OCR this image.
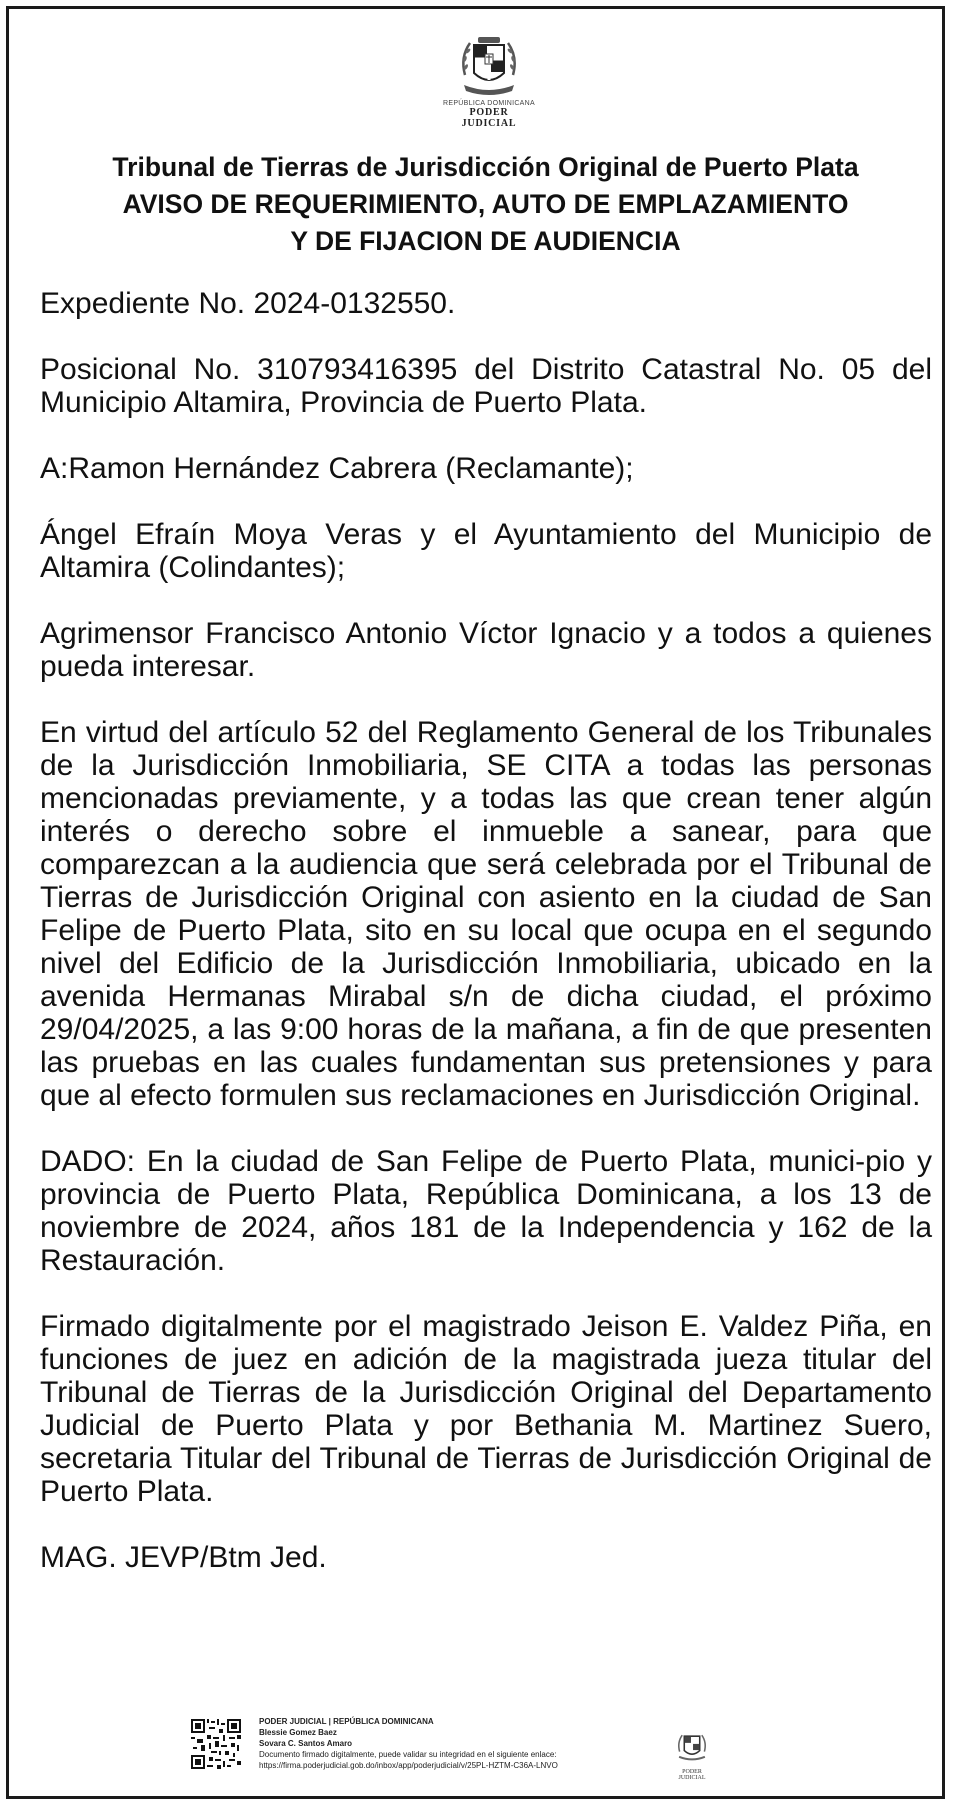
REPÚBLICA DOMINICANA
PODER JUDICIAL
Tribunal de Tierras de Jurisdicción Original de Puerto Plata
AVISO DE REQUERIMIENTO, AUTO DE EMPLAZAMIENTO
Y DE FIJACION DE AUDIENCIA

Expediente No. 2024-0132550.

Posicional No. 310793416395 del Distrito Catastral No. 05 del Municipio Altamira, Provincia de Puerto Plata.

A:Ramon Hernández Cabrera (Reclamante);

Ángel Efraín Moya Veras y el Ayuntamiento del Municipio de Altamira (Colindantes);

Agrimensor Francisco Antonio Víctor Ignacio y a todos a quienes pueda interesar.

En virtud del artículo 52 del Reglamento General de los Tribunales de la Jurisdicción Inmobiliaria, SE CITA a todas las personas mencionadas previamente, y a todas las que crean tener algún interés o derecho sobre el inmueble a sanear, para que comparezcan a la audiencia que será celebrada por el Tribunal de Tierras de Jurisdicción Original con asiento en la ciudad de San Felipe de Puerto Plata, sito en su local que ocupa en el segundo nivel del Edificio de la Jurisdicción Inmobiliaria, ubicado en la avenida Hermanas Mirabal s/n de dicha ciudad, el próximo 29/04/2025, a las 9:00 horas de la mañana, a fin de que presenten las pruebas en las cuales fundamentan sus pretensiones y para que al efecto formulen sus reclamaciones en Jurisdicción Original.

DADO: En la ciudad de San Felipe de Puerto Plata, munici-pio y provincia de Puerto Plata, República Dominicana, a los 13 de noviembre de 2024, años 181 de la Independencia y 162 de la Restauración.

Firmado digitalmente por el magistrado Jeison E. Valdez Piña, en funciones de juez en adición de la magistrada jueza titular del Tribunal de Tierras de la Jurisdicción Original del Departamento Judicial de Puerto Plata y por Bethania M. Martinez Suero, secretaria Titular del Tribunal de Tierras de Jurisdicción Original de Puerto Plata.

MAG. JEVP/Btm Jed.

PODER JUDICIAL | REPÚBLICA DOMINICANA
Blessie Gomez Baez
Sovara C. Santos Amaro
Documento firmado digitalmente, puede validar su integridad en el siguiente enlace:
https://firma.poderjudicial.gob.do/inbox/app/poderjudicial/v/25PL-HZTM-C36A-LNVO
PODER JUDICIAL
